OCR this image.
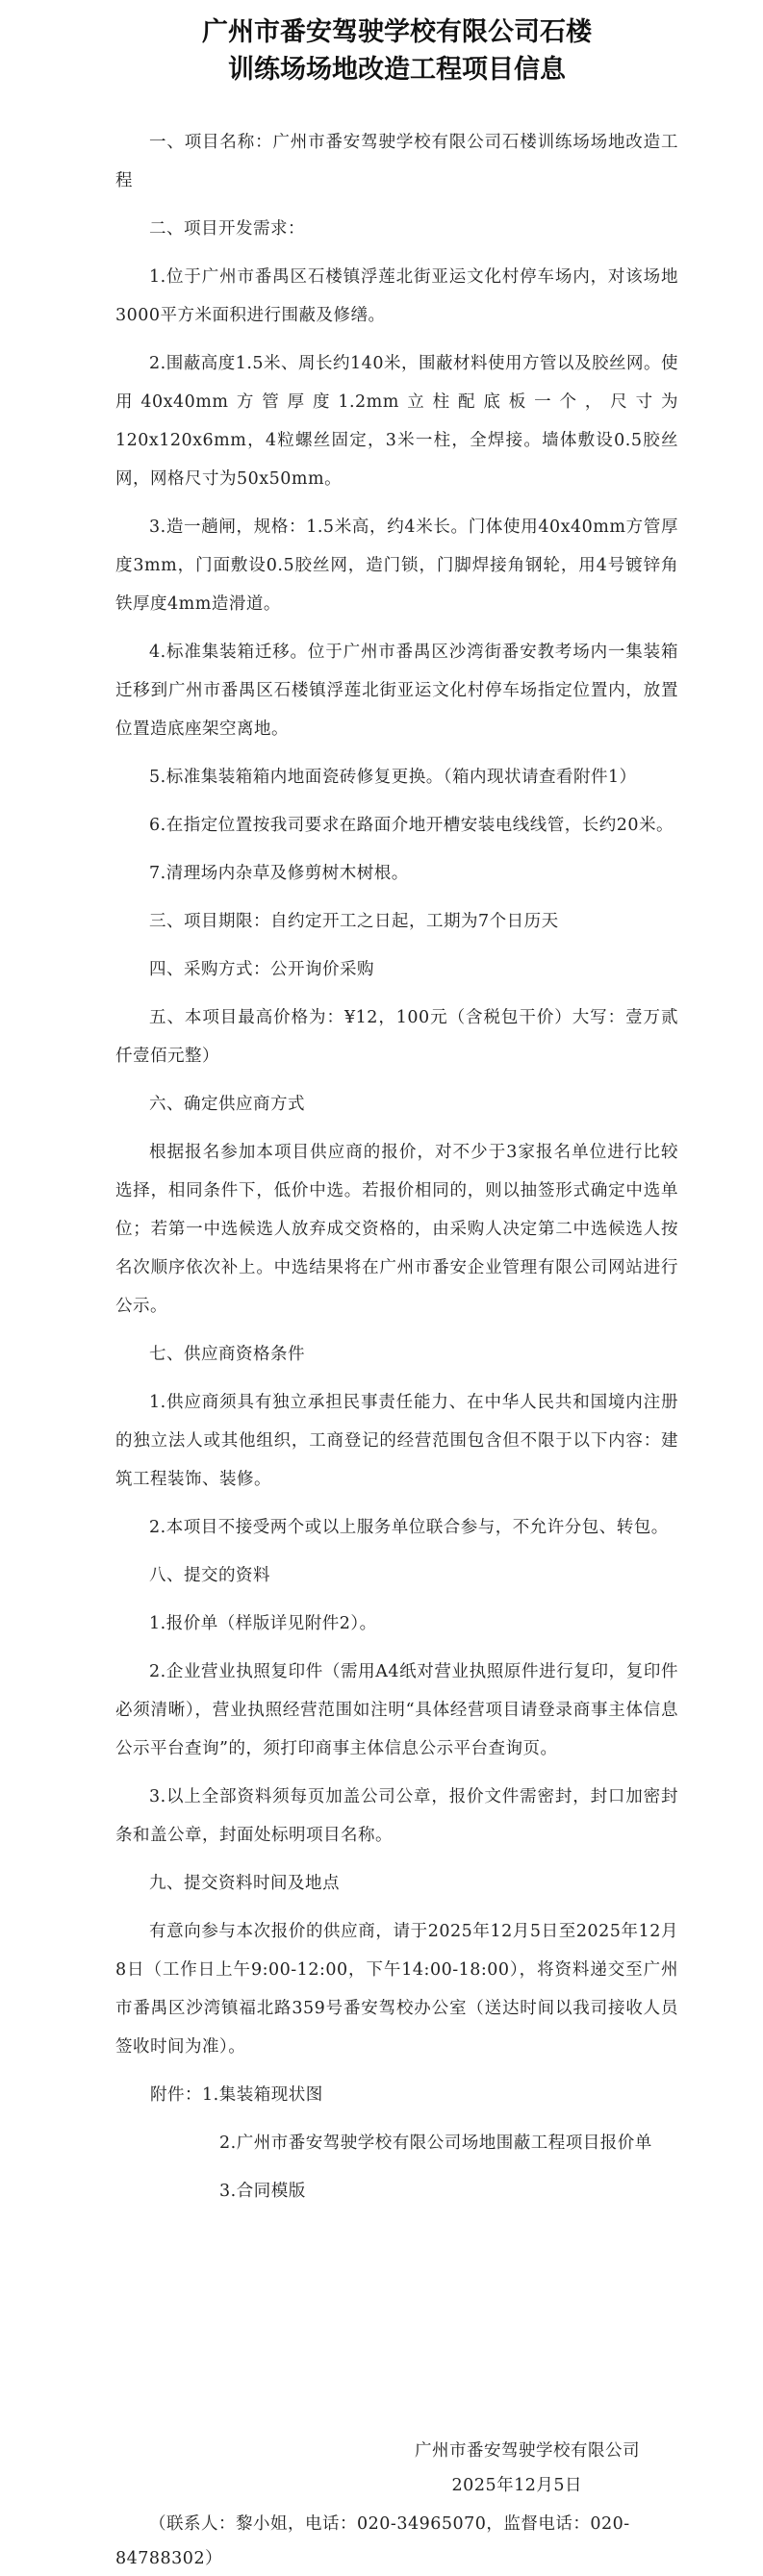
广州市番安驾驶学校有限公司石楼
训练场场地改造工程项目信息

一、项目名称：广州市番安驾驶学校有限公司石楼训练场场地改造工程

二、项目开发需求：

1.位于广州市番禺区石楼镇浮莲北街亚运文化村停车场内，对该场地3000平方米面积进行围蔽及修缮。

2.围蔽高度1.5米、周长约140米，围蔽材料使用方管以及胶丝网。使用40x40mm方管厚度1.2mm立柱配底板一个，尺寸为120x120x6mm，4粒螺丝固定，3米一柱，全焊接。墙体敷设0.5胶丝网，网格尺寸为50x50mm。

3.造一趟闸，规格：1.5米高，约4米长。门体使用40x40mm方管厚度3mm，门面敷设0.5胶丝网，造门锁，门脚焊接角钢轮，用4号镀锌角铁厚度4mm造滑道。

4.标准集装箱迁移。位于广州市番禺区沙湾街番安教考场内一集装箱迁移到广州市番禺区石楼镇浮莲北街亚运文化村停车场指定位置内，放置位置造底座架空离地。

5.标准集装箱箱内地面瓷砖修复更换。（箱内现状请查看附件1）

6.在指定位置按我司要求在路面介地开槽安装电线线管，长约20米。

7.清理场内杂草及修剪树木树根。

三、项目期限：自约定开工之日起，工期为7个日历天

四、采购方式：公开询价采购

五、本项目最高价格为：¥12，100元（含税包干价）大写：壹万贰仟壹佰元整）

六、确定供应商方式

根据报名参加本项目供应商的报价，对不少于3家报名单位进行比较选择，相同条件下，低价中选。若报价相同的，则以抽签形式确定中选单位；若第一中选候选人放弃成交资格的，由采购人决定第二中选候选人按名次顺序依次补上。中选结果将在广州市番安企业管理有限公司网站进行公示。

七、供应商资格条件

1.供应商须具有独立承担民事责任能力、在中华人民共和国境内注册的独立法人或其他组织，工商登记的经营范围包含但不限于以下内容：建筑工程装饰、装修。

2.本项目不接受两个或以上服务单位联合参与，不允许分包、转包。

八、提交的资料

1.报价单（样版详见附件2）。

2.企业营业执照复印件（需用A4纸对营业执照原件进行复印，复印件必须清晰），营业执照经营范围如注明“具体经营项目请登录商事主体信息公示平台查询”的，须打印商事主体信息公示平台查询页。

3.以上全部资料须每页加盖公司公章，报价文件需密封，封口加密封条和盖公章，封面处标明项目名称。

九、提交资料时间及地点

有意向参与本次报价的供应商，请于2025年12月5日至2025年12月8日（工作日上午9:00-12:00，下午14:00-18:00），将资料递交至广州市番禺区沙湾镇福北路359号番安驾校办公室（送达时间以我司接收人员签收时间为准）。

附件：1.集装箱现状图
2.广州市番安驾驶学校有限公司场地围蔽工程项目报价单
3.合同模版
广州市番安驾驶学校有限公司
2025年12月5日
（联系人：黎小姐，电话：020-34965070，监督电话：020-84788302）
